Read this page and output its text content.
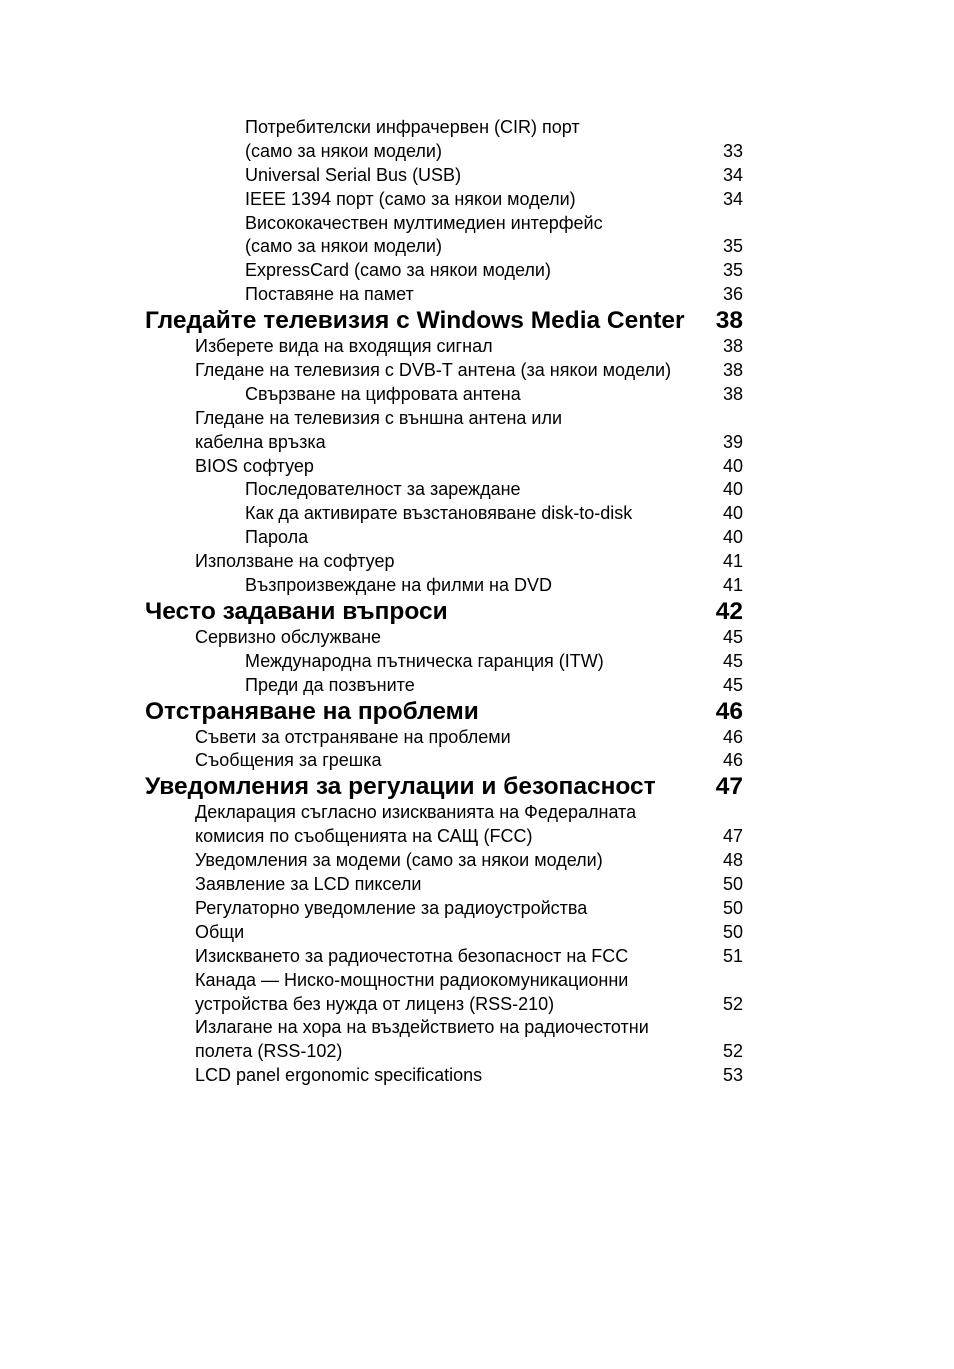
Потребителски инфрачервен (CIR) порт
(само за някои модели)	33
Universal Serial Bus (USB)	34
IEEE 1394 порт (само за някои модели)	34
Висококачествен мултимедиен интерфейс
(само за някои модели)	35
ExpressCard (само за някои модели)	35
Поставяне на памет	36
Гледайте телевизия с Windows Media Center 38
Изберете вида на входящия сигнал	38
Гледане на телевизия с DVB-T антена (за някои модели)	38
Свързване на цифровата антена	38
Гледане на телевизия с външна антена или
кабелна връзка	39
BIOS софтуер	40
Последователност за зареждане	40
Как да активирате възстановяване disk-to-disk	40
Парола	40
Използване на софтуер	41
Възпроизвеждане на филми на DVD	41
Често задавани въпроси	42
Сервизно обслужване	45
Международна пътническа гаранция (ITW)	45
Преди да позвъните	45
Отстраняване на проблеми	46
Съвети за отстраняване на проблеми	46
Съобщения за грешка	46
Уведомления за регулации и безопасност 47
Декларация съгласно изискванията на Федералната
комисия по съобщенията на САЩ (FCC)	47
Уведомления за модеми (само за някои модели)	48
Заявление за LCD пиксели	50
Регулаторно уведомление за радиоустройства	50
Общи	50
Изискването за радиочестотна безопасност на FCC	51
Канада — Ниско-мощностни радиокомуникационни
устройства без нужда от лиценз (RSS-210)	52
Излагане на хора на въздействието на радиочестотни
полета (RSS-102)	52
LCD panel ergonomic specifications	53
